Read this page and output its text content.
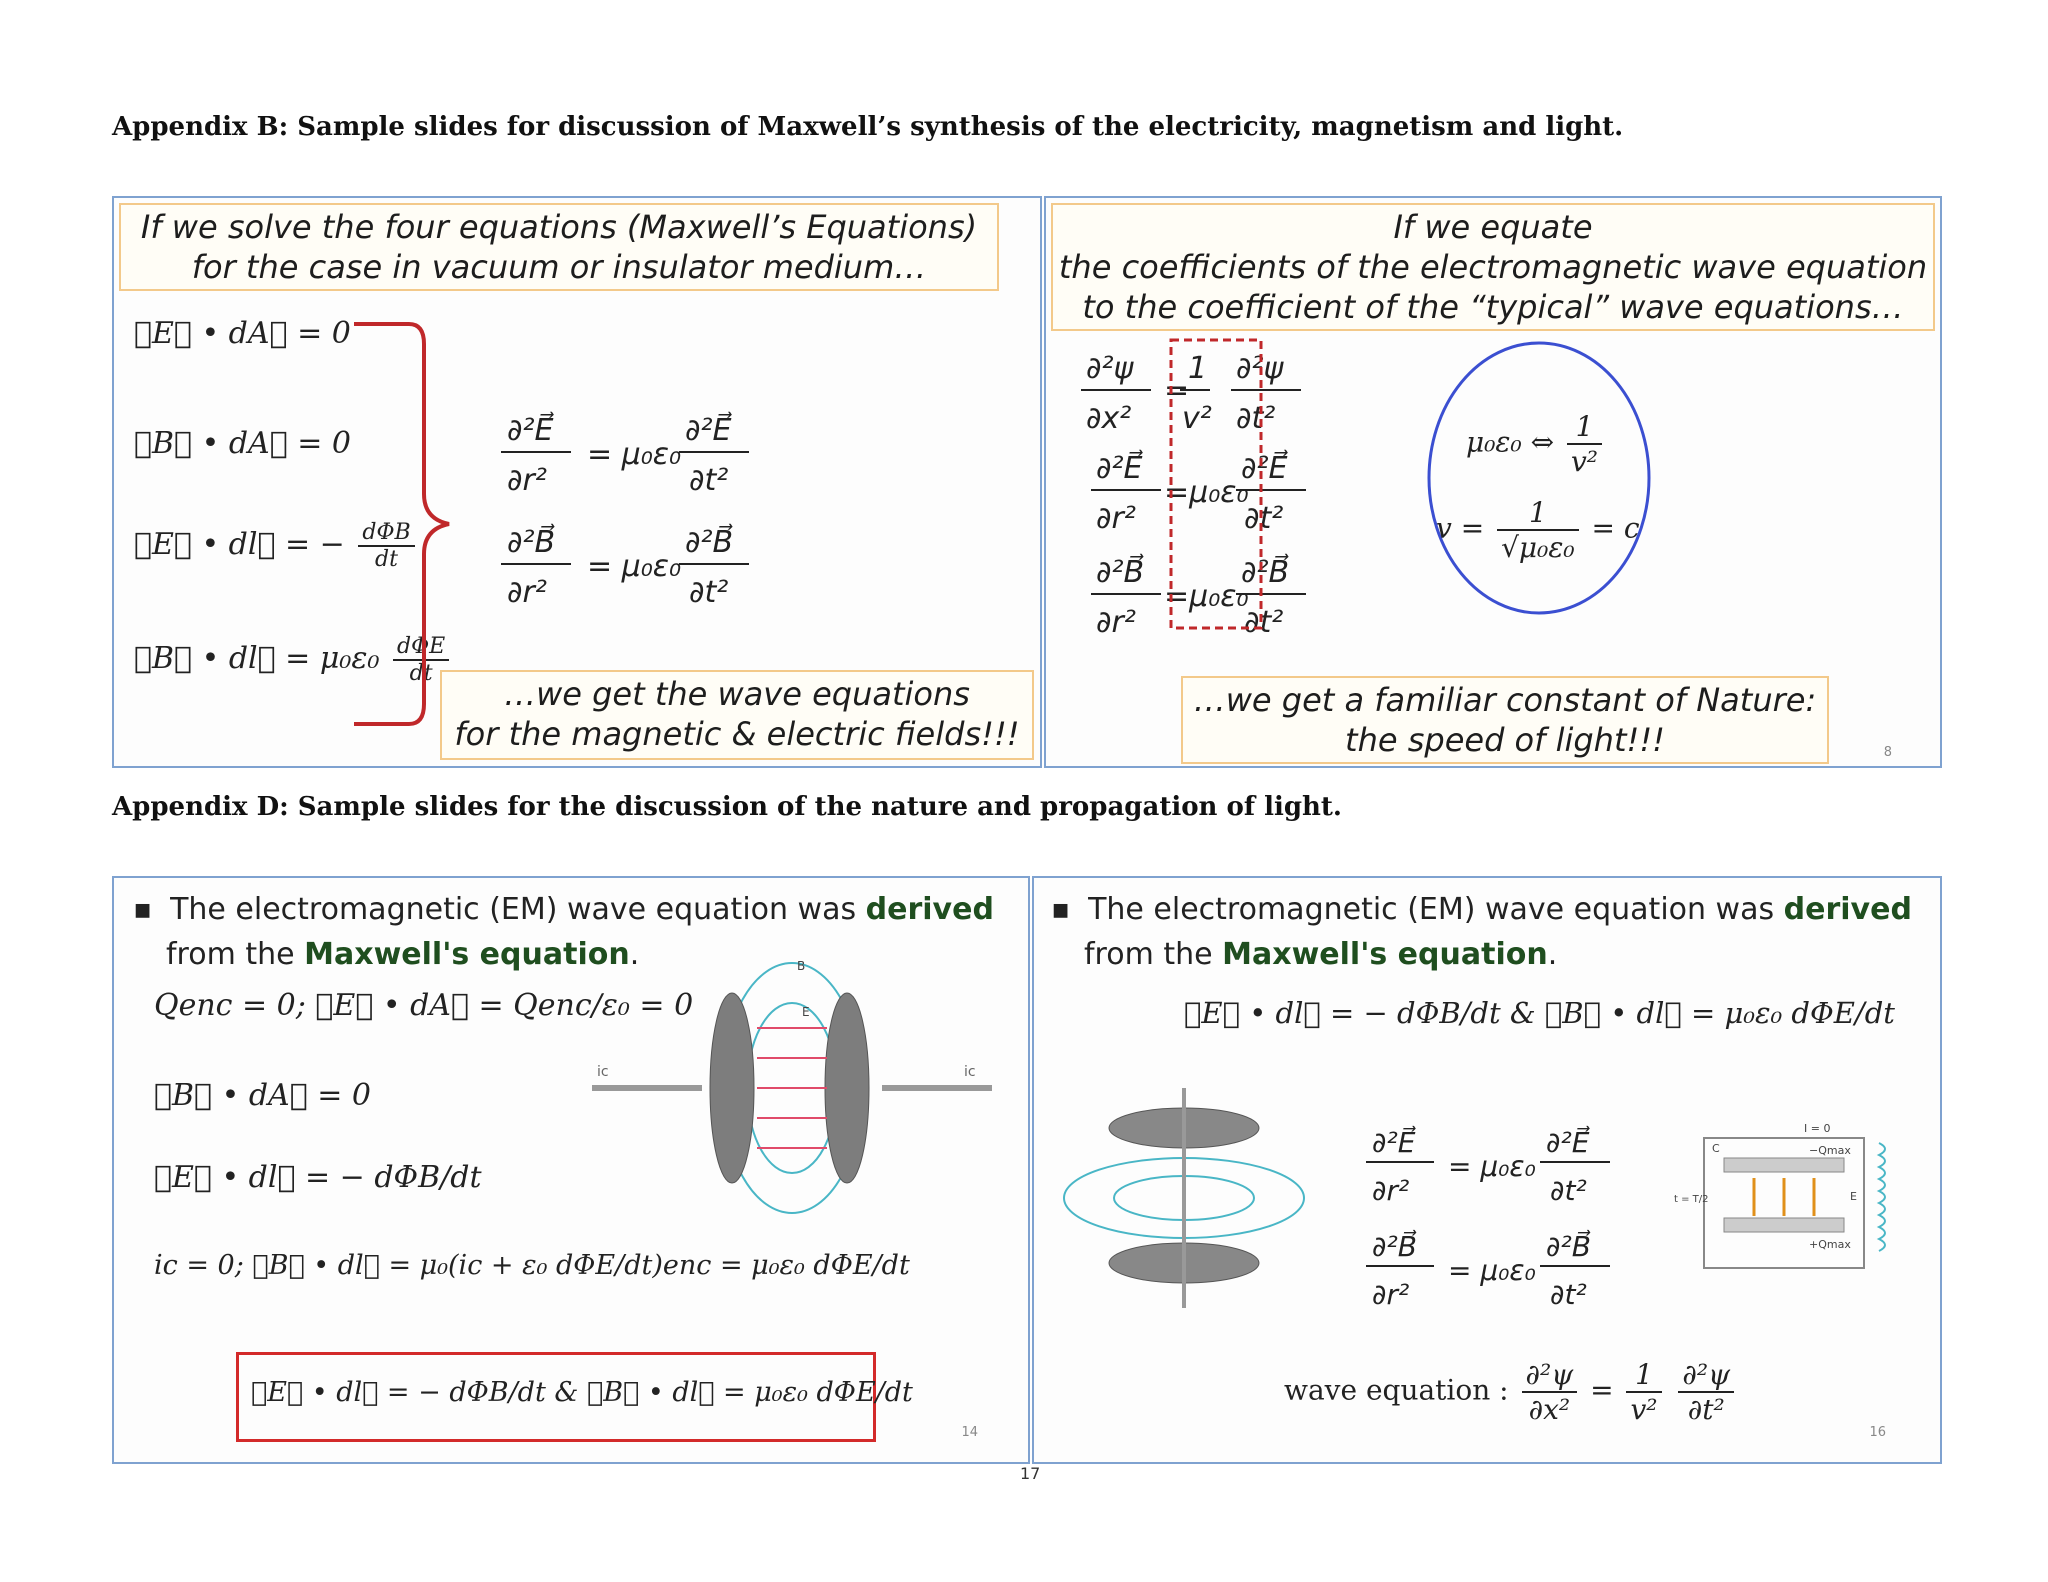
Appendix B: Sample slides for discussion of Maxwell’s synthesis of the electricity, magnetism and light.
Appendix D: Sample slides for the discussion of the nature and propagation of light.
If we solve the four equations (Maxwell’s Equations)
for the case in vacuum or insulator medium…
∮E⃗ • dA⃗ = 0
∮B⃗ • dA⃗ = 0
∮E⃗ • dl⃗ = − $\frac{\text{dΦB}}{dt}$
∮B⃗ • dl⃗ = $\mu_0\varepsilon_0 \frac{\text{dΦE}}{dt}$
∂²E⃗
∂r²
= μ₀ε₀
∂²E⃗
∂t²
∂²B⃗
∂r²
= μ₀ε₀
∂²B⃗
∂t²
…we get the wave equations
for the magnetic & electric fields!!!
If we equate
the coefficients of the electromagnetic wave equation
to the coefficient of the “typical” wave equations…
∂²ψ
∂x²
=
1
v²
∂²ψ
∂t²
∂²E⃗
∂r²
=μ₀ε₀
∂²E⃗
∂t²
∂²B⃗
∂r²
=μ₀ε₀
∂²B⃗
∂t²
μ₀ε₀ ⇔ $\frac{1}{\text{v²}}$
$v = \frac{1}{\text{√μ₀ε₀}} = c$
…we get a familiar constant of Nature:
the speed of light!!!	8
■ The electromagnetic (EM) wave equation was derived
from the Maxwell's equation.
Qenc = 0; ∮E⃗ • dA⃗ = Qenc/ε₀ = 0
∮B⃗ • dA⃗ = 0
∮E⃗ • dl⃗ = − dΦB/dt
ic = 0; ∮B⃗ • dl⃗ = μ₀(ic + ε₀ dΦE/dt)enc = μ₀ε₀ dΦE/dt
∮E⃗ • dl⃗ = − dΦB/dt & ∮B⃗ • dl⃗ = μ₀ε₀ dΦE/dt
ic	ic
B
E
14
■ The electromagnetic (EM) wave equation was derived
from the Maxwell's equation.
∮E⃗ • dl⃗ = − dΦB/dt & ∮B⃗ • dl⃗ = μ₀ε₀ dΦE/dt
∂²E⃗
∂r²
= μ₀ε₀
∂²E⃗
∂t²
∂²B⃗
∂r²
= μ₀ε₀
∂²B⃗
∂t²
I = 0
−Qmax
+Qmax
C
E
t = T/2
wave equation : $\frac{\text{∂²ψ}}{\text{∂x²}} = \frac{1}{\text{v²}}$
$\frac{\text{∂²ψ}}{\text{∂t²}}$
16
17
